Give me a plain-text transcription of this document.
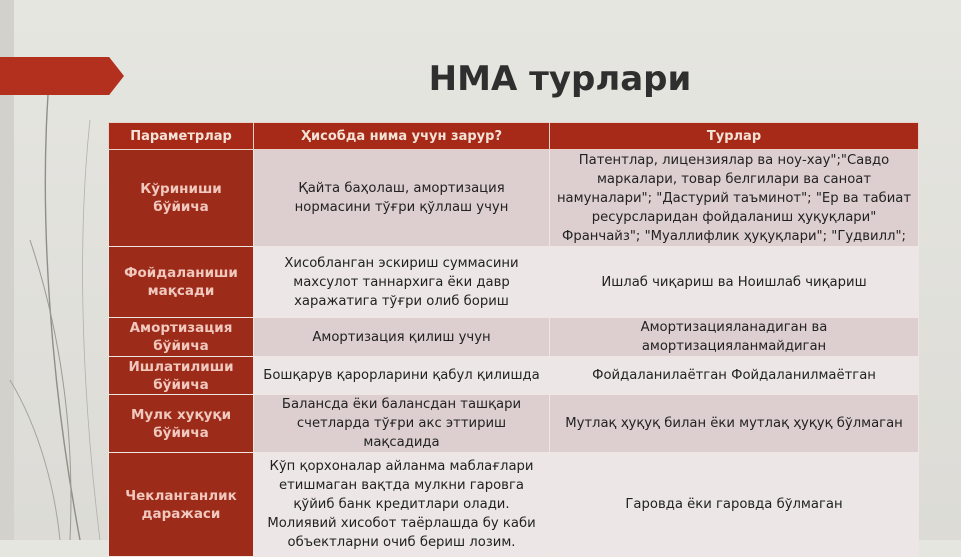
НМА турлари
Параметрлар	Ҳисобда нима учун зарур?	Турлар
Кўриниши бўйича	Қайта баҳолаш, амортизация нормасини тўғри қўллаш учун	Патентлар, лицензиялар ва ноу-хау";"Савдо маркалари, товар белгилари ва саноат намуналари"; "Дастурий таъминот"; "Ер ва табиат ресурсларидан фойдаланиш ҳуқуқлари" Франчайз"; "Муаллифлик ҳуқуқлари"; "Гудвилл";
Фойдаланиши мақсади	Хисобланган эскириш суммасини махсулот таннархига ёки давр харажатига тўғри олиб бориш	Ишлаб чиқариш ва Ноишлаб чиқариш
Амортизация бўйича	Амортизация қилиш учун	Амортизацияланадиган ва амортизацияланмайдиган
Ишлатилиши бўйича	Бошқарув қарорларини қабул қилишда	Фойдаланилаётган Фойдаланилмаётган
Мулк хуқуқи бўйича	Балансда ёки балансдан ташқари счетларда тўғри акс эттириш мақсадида	Мутлақ ҳуқуқ билан ёки мутлақ ҳуқуқ бўлмаган
Чекланганлик даражаси	Кўп қорхоналар айланма маблағлари етишмаган вақтда мулкни гаровга қўйиб банк кредитлари олади. Молиявий хисобот таёрлашда бу каби объектларни очиб бериш лозим.	Гаровда ёки гаровда бўлмаган
